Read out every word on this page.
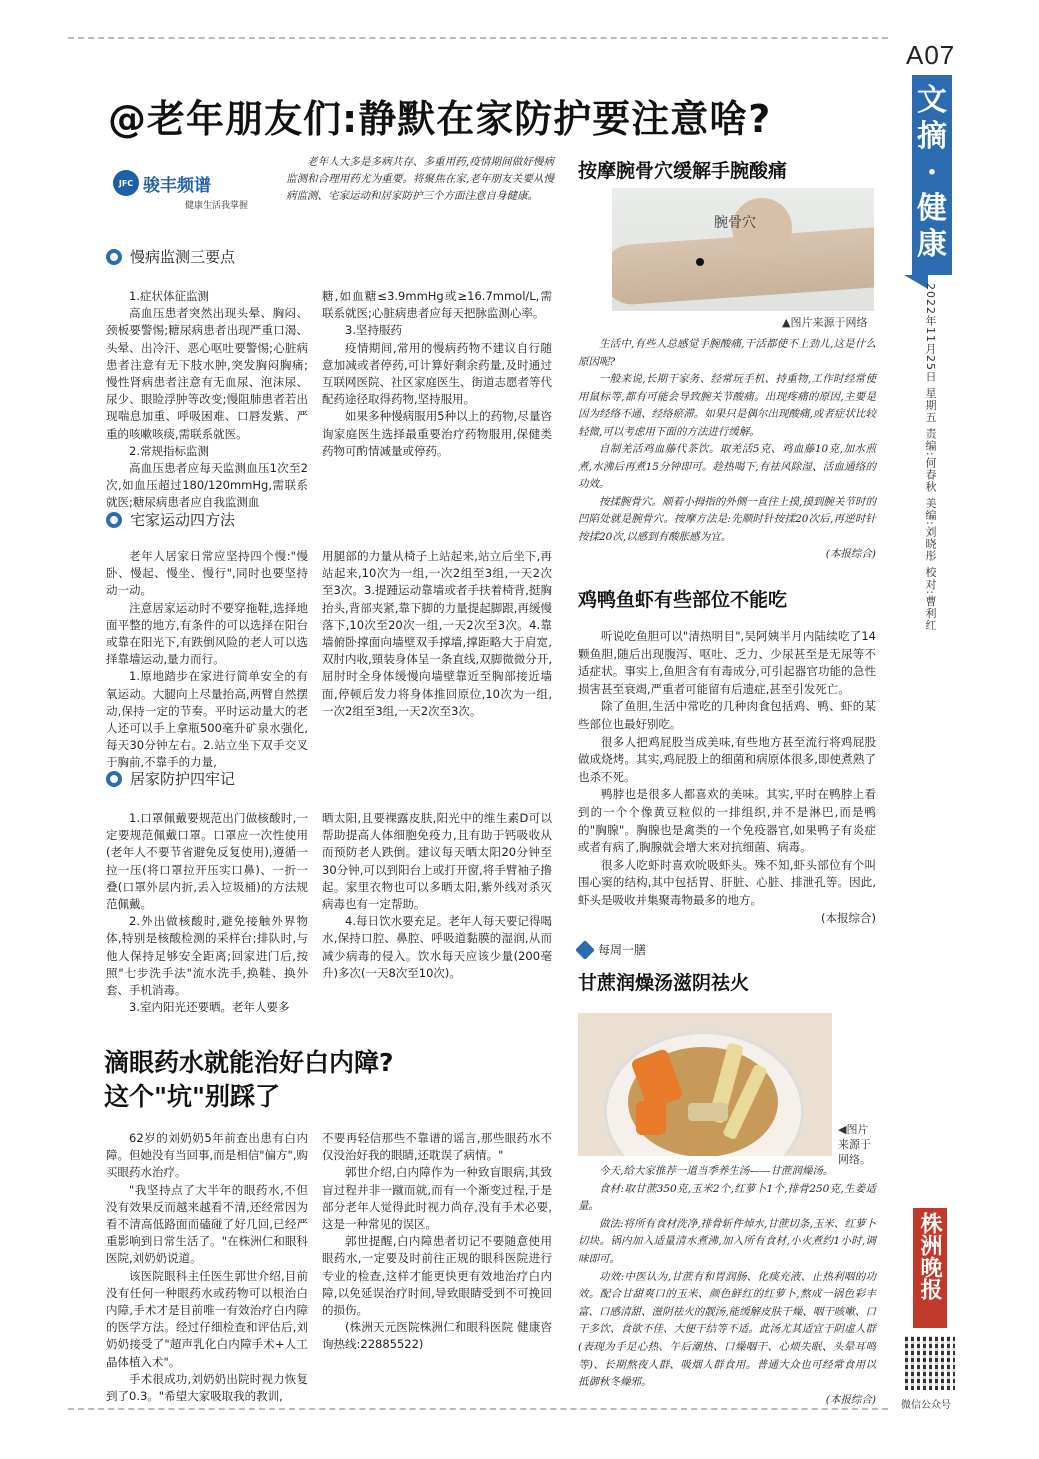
A07
文摘·健康
2022年11月25日 星期五 责编:何春秋 美编:刘晓彤 校对:曹利红
株洲晚报
微信公众号
@老年朋友们:静默在家防护要注意啥?
JFC 骏丰频谱
健康生活我掌握

老年人大多是多病共存、多重用药,疫情期间做好慢病监测和合理用药尤为重要。将聚焦在家,老年朋友关要从慢病监测、宅家运动和居家防护三个方面注意自身健康。

慢病监测三要点

1.症状体征监测

高血压患者突然出现头晕、胸闷、颈板要警惕;糖尿病患者出现严重口渴、头晕、出冷汗、恶心呕吐要警惕;心脏病患者注意有无下肢水肿,突发胸闷胸痛;慢性肾病患者注意有无血尿、泡沫尿、尿少、眼睑浮肿等改变;慢阻肺患者若出现喘息加重、呼吸困难、口唇发紫、严重的咳嗽咳痰,需联系就医。

2.常规指标监测

高血压患者应每天监测血压1次至2次,如血压超过180/120mmHg,需联系就医;糖尿病患者应自我监测血

糖,如血糖≤3.9mmHg或≥16.7mmol/L,需联系就医;心脏病患者应每天把脉监测心率。

3.坚持服药

疫情期间,常用的慢病药物不建议自行随意加减或者停药,可计算好剩余药量,及时通过互联网医院、社区家庭医生、街道志愿者等代配药途径取得药物,坚持服用。

如果多种慢病服用5种以上的药物,尽量咨询家庭医生选择最重要治疗药物服用,保健类药物可酌情减量或停药。

宅家运动四方法

老年人居家日常应坚持四个慢:"慢卧、慢起、慢坐、慢行",同时也要坚持动一动。

注意居家运动时不要穿拖鞋,选择地面平整的地方,有条件的可以选择在阳台或靠在阳光下,有跌倒风险的老人可以选择靠墙运动,量力而行。

1.原地踏步在家进行简单安全的有氧运动。大腿向上尽量抬高,两臂自然摆动,保持一定的节奏。平时运动量大的老人还可以手上拿瓶500毫升矿泉水强化,每天30分钟左右。2.站立坐下双手交叉于胸前,不靠手的力量,

用腿部的力量从椅子上站起来,站立后坐下,再站起来,10次为一组,一次2组至3组,一天2次至3次。3.提踵运动靠墙或者手扶着椅背,挺胸抬头,背部夹紧,靠下脚的力量提起脚跟,再缓慢落下,10次至20次一组,一天2次至3次。4.靠墙俯卧撑面向墙壁双手撑墙,撑距略大于肩宽,双肘内收,頸装身体呈一条直线,双脚微微分开,屈肘时全身体缓慢向墙壁靠近至胸部接近墙面,停顿后发力将身体推回原位,10次为一组,一次2组至3组,一天2次至3次。

居家防护四牢记

1.口罩佩戴要规范出门做核酸时,一定要规范佩戴口罩。口罩应一次性使用(老年人不要节省避免反复使用),遵循一拉一压(将口罩拉开压实口鼻)、一折一叠(口罩外层内折,丢入垃圾桶)的方法规范佩戴。

2.外出做核酸时,避免接触外界物体,特别是核酸检测的采样台;排队时,与他人保持足够安全距离;回家进门后,按照"七步洗手法"流水洗手,换鞋、换外套、手机消毒。

3.室内阳光还要晒。老年人要多

晒太阳,且要裸露皮肤,阳光中的维生素D可以帮助提高人体细胞免疫力,且有助于钙吸收从而预防老人跌倒。建议每天晒太阳20分钟至30分钟,可以到阳台上或打开窗,将手臂袖子撸起。家里衣物也可以多晒太阳,紫外线对杀灭病毒也有一定帮助。

4.每日饮水要充足。老年人每天要记得喝水,保持口腔、鼻腔、呼吸道黏膜的湿润,从而减少病毒的侵入。饮水每天应该少量(200毫升)多次(一天8次至10次)。

按摩腕骨穴缓解手腕酸痛
腕骨穴
▲图片来源于网络

生活中,有些人总感觉手腕酸痛,干活都使不上劲儿,这是什么原因呢?

一般来说,长期干家务、经常玩手机、持重物,工作时经常使用鼠标等,都有可能会导致腕关节酸痛。出现疼痛的原因,主要是因为经络不通、经络瘀滞。如果只是偶尔出现酸痛,或者症状比较轻微,可以考虑用下面的方法进行缓解。

自制羌活鸡血藤代茶饮。取羌活5克、鸡血藤10克,加水煎煮,水沸后再煮15分钟即可。趁热喝下,有祛风除湿、活血通络的功效。

按揉腕骨穴。顺着小拇指的外侧一直往上摸,摸到腕关节时的凹陷处就是腕骨穴。按摩方法是:先顺时针按揉20次后,再逆时针按揉20次,以感到有酸胀感为宜。

(本报综合)

鸡鸭鱼虾有些部位不能吃

听说吃鱼胆可以"清热明目",吴阿姨半月内陆续吃了14颗鱼胆,随后出现腹泻、呕吐、乏力、少尿甚至是无尿等不适症状。事实上,鱼胆含有有毒成分,可引起器官功能的急性损害甚至衰竭,严重者可能留有后遗症,甚至引发死亡。

除了鱼胆,生活中常吃的几种肉食包括鸡、鸭、虾的某些部位也最好别吃。

很多人把鸡屁股当成美味,有些地方甚至流行将鸡屁股做成烧烤。其实,鸡屁股上的细菌和病原体很多,即使煮熟了也杀不死。

鸭脖也是很多人都喜欢的美味。其实,平时在鸭脖上看到的一个个像黄豆粒似的一排组织,并不是淋巴,而是鸭的"胸腺"。胸腺也是禽类的一个免疫器官,如果鸭子有炎症或者有病了,胸腺就会增大来对抗细菌、病毒。

很多人吃虾时喜欢吮吸虾头。殊不知,虾头部位有个叫围心窦的结构,其中包括胃、肝脏、心脏、排泄孔等。因此,虾头是吸收并集聚毒物最多的地方。

(本报综合)

每周一膳
甘蔗润燥汤滋阴祛火
◀图片来源于网络。

今天,给大家推荐一道当季养生汤——甘蔗润燥汤。

食材:取甘蔗350克,玉米2个,红萝卜1个,排骨250克,生姜适量。

做法:将所有食材洗净,排骨斩件焯水,甘蔗切条,玉米、红萝卜切块。锅内加入适量清水煮沸,加入所有食材,小火煮约1小时,调味即可。

功效:中医认为,甘蔗有和胃润肠、化痰充液、止热利咽的功效。配合甘甜爽口的玉米、颜色鲜红的红萝卜,熬成一锅色彩丰富、口感清甜、滋阴祛火的靓汤,能缓解皮肤干燥、咽干咳嗽、口干多饮、食欲不佳、大便干结等不适。此汤尤其适宜于阴虚人群(表现为手足心热、午后潮热、口燥咽干、心烦失眠、头晕耳鸣等)、长期熬夜人群、吸烟人群食用。普通大众也可经常食用以抵御秋冬燥邪。

(本报综合)

滴眼药水就能治好白内障?
这个"坑"别踩了

62岁的刘奶奶5年前查出患有白内障。但她没有当回事,而是相信"偏方",购买眼药水治疗。

"我坚持点了大半年的眼药水,不但没有效果反而越来越看不清,还经常因为看不清高低路面而磕碰了好几回,已经严重影响到日常生活了。"在株洲仁和眼科医院,刘奶奶说道。

该医院眼科主任医生郭世介绍,目前没有任何一种眼药水或药物可以根治白内障,手术才是目前唯一有效治疗白内障的医学方法。经过仔细检查和评估后,刘奶奶接受了"超声乳化白内障手术+人工晶体植入术"。

手术很成功,刘奶奶出院时视力恢复到了0.3。"希望大家吸取我的教训,

不要再轻信那些不靠谱的谣言,那些眼药水不仅没治好我的眼睛,还耽误了病情。"

郭世介绍,白内障作为一种致盲眼病,其致盲过程并非一蹴而就,而有一个渐变过程,于是部分老年人觉得此时视力尚存,没有手术必要,这是一种常见的误区。

郭世提醒,白内障患者切记不要随意使用眼药水,一定要及时前往正规的眼科医院进行专业的检查,这样才能更快更有效地治疗白内障,以免延误治疗时间,导致眼睛受到不可挽回的损伤。

(株洲天元医院株洲仁和眼科医院 健康咨询热线:22885522)
